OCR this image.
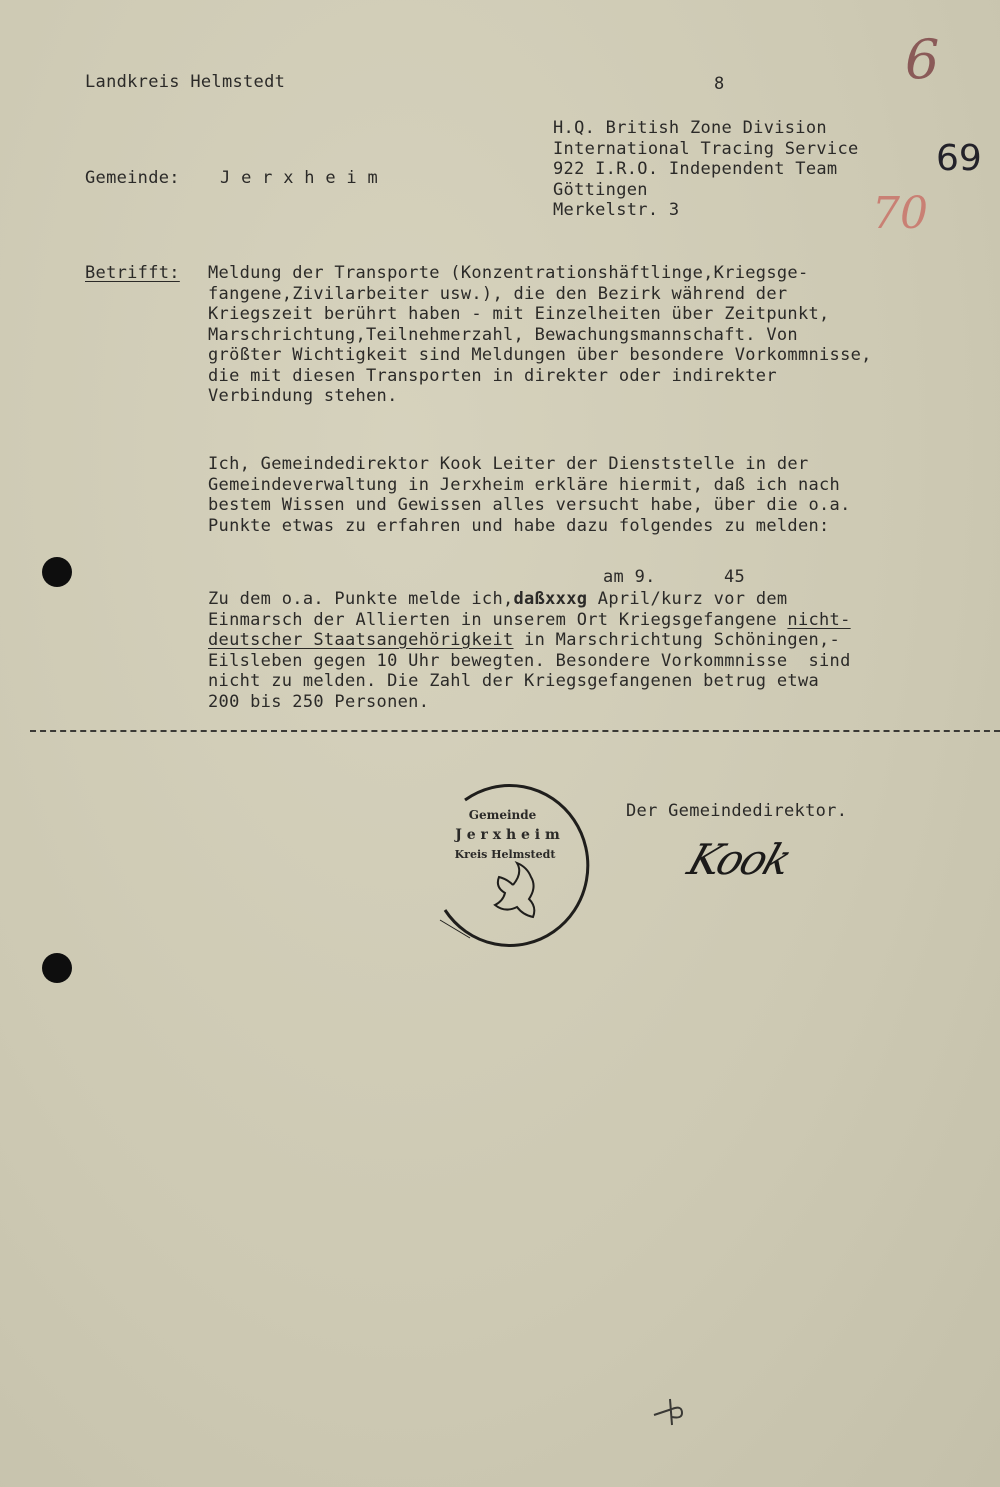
Landkreis Helmstedt	8	6
Gemeinde: J e r x h e i m
H.Q. British Zone Division
International Tracing Service
922 I.R.O. Independent Team
Göttingen
Merkelstr. 3
69
70
Betrifft: Meldung der Transporte (Konzentrationshäftlinge,Kriegsge-
fangene,Zivilarbeiter usw.), die den Bezirk während der
Kriegszeit berührt haben - mit Einzelheiten über Zeitpunkt,
Marschrichtung,Teilnehmerzahl, Bewachungsmannschaft. Von
größter Wichtigkeit sind Meldungen über besondere Vorkommnisse,
die mit diesen Transporten in direkter oder indirekter
Verbindung stehen.
Ich, Gemeindedirektor Kook Leiter der Dienststelle in der
Gemeindeverwaltung in Jerxheim erkläre hiermit, daß ich nach
bestem Wissen und Gewissen alles versucht habe, über die o.a.
Punkte etwas zu erfahren und habe dazu folgendes zu melden:
am 9.	45
Zu dem o.a. Punkte melde ich,daßxxxg April/kurz vor dem
Einmarsch der Allierten in unserem Ort Kriegsgefangene nicht-
deutscher Staatsangehörigkeit in Marschrichtung Schöningen,-
Eilsleben gegen 10 Uhr bewegten. Besondere Vorkommnisse  sind
nicht zu melden. Die Zahl der Kriegsgefangenen betrug etwa
200 bis 250 Personen.
Gemeinde
J e r x h e i m
Kreis Helmstedt
Der Gemeindedirektor.
Kook
